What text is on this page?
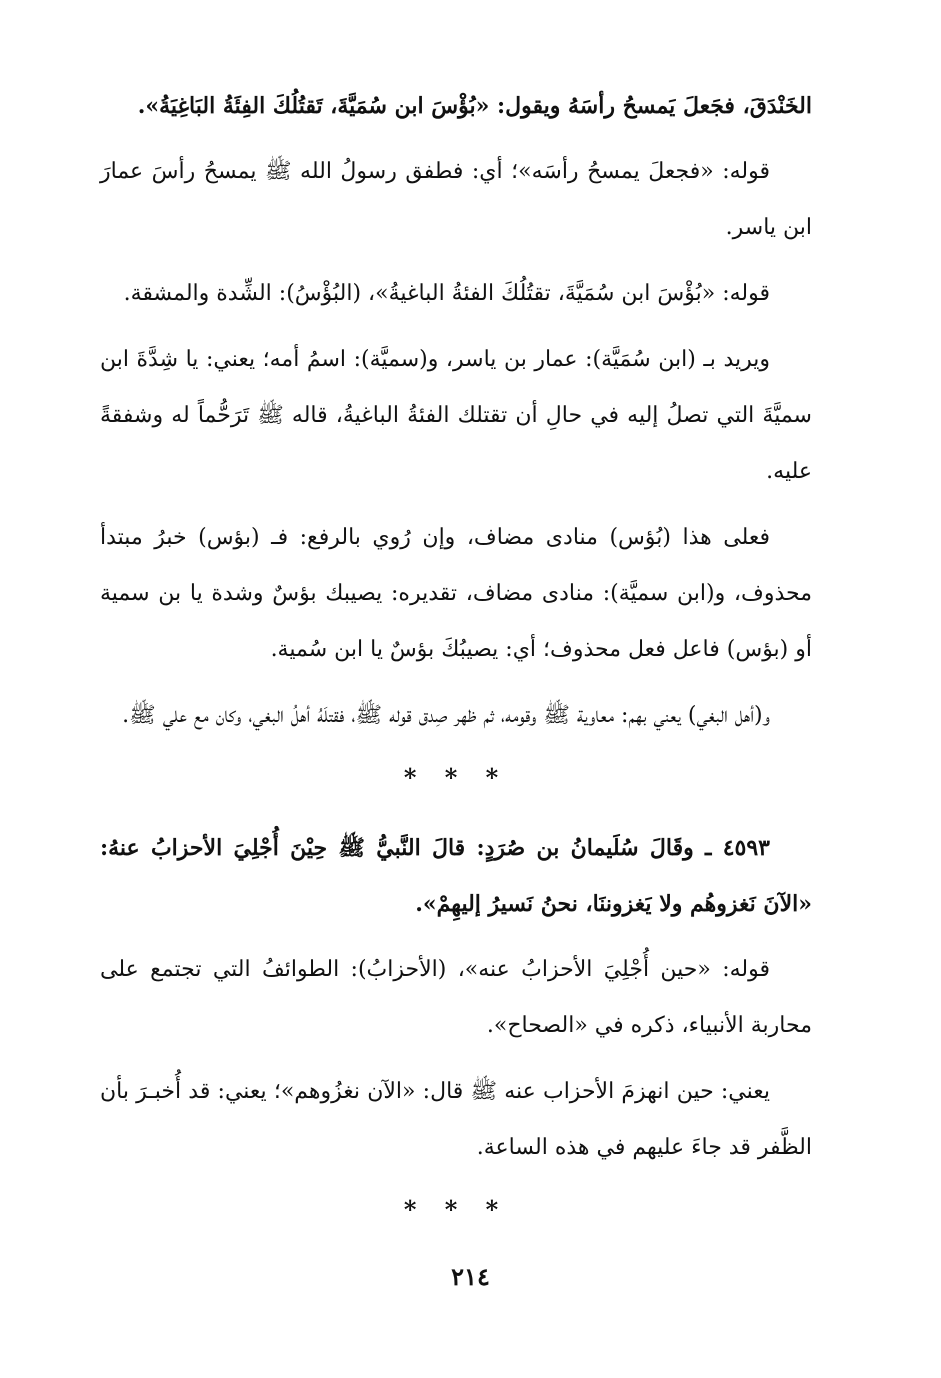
الخَنْدَقَ، فجَعلَ يَمسحُ رأسَهُ ويقول: «بُؤْسَ ابن سُمَيَّةَ، تَقتُلُكَ الفِئَةُ البَاغِيَةُ».

قوله: «فجعلَ يمسحُ رأسَه»؛ أي: فطفق رسولُ الله ﷺ يمسحُ رأسَ عمارَ ابن ياسر.

قوله: «بُؤْسَ ابن سُمَيَّةَ، تقتُلُكَ الفئةُ الباغيةُ»، (البُؤْسُ): الشِّدة والمشقة.

ويريد بـ (ابن سُمَيَّة): عمار بن ياسر، و(سميَّة): اسمُ أمه؛ يعني: يا شِدَّةَ ابن سميَّةَ التي تصلُ إليه في حالِ أن تقتلك الفئةُ الباغيةُ، قاله ﷺ تَرَحُّماً له وشفقةً عليه.

فعلى هذا (بُؤس) منادى مضاف، وإن رُوي بالرفع: فـ (بؤس) خبرُ مبتدأ محذوف، و(ابن سميَّة): منادى مضاف، تقديره: يصيبك بؤسٌ وشدة يا بن سمية أو (بؤس) فاعل فعل محذوف؛ أي: يصيبُكَ بؤسٌ يا ابن سُمية.

و(أهل البغي) يعني بهم: معاوية ﷺ وقومه، ثم ظهر صِدق قوله ﷺ، فقتلَهُ أهلُ البغي، وكان مع علي ﷺ.

* * *

٤٥٩٣ ـ وقَالَ سُلَيمانُ بن صُرَدٍ: قالَ النَّبيُّ ﷺ حِيْنَ أُجْلِيَ الأحزابُ عنهُ: «الآنَ نَغزوهُم ولا يَغزوننَا، نحنُ نَسيرُ إليهِمْ».

قوله: «حين أُجْلِيَ الأحزابُ عنه»، (الأحزابُ): الطوائفُ التي تجتمع على محاربة الأنبياء، ذكره في «الصحاح».

يعني: حين انهزمَ الأحزاب عنه ﷺ قال: «الآن نغزُوهم»؛ يعني: قد أُخبـرَ بأن الظَّفر قد جاءَ عليهم في هذه الساعة.

* * *
٢١٤
